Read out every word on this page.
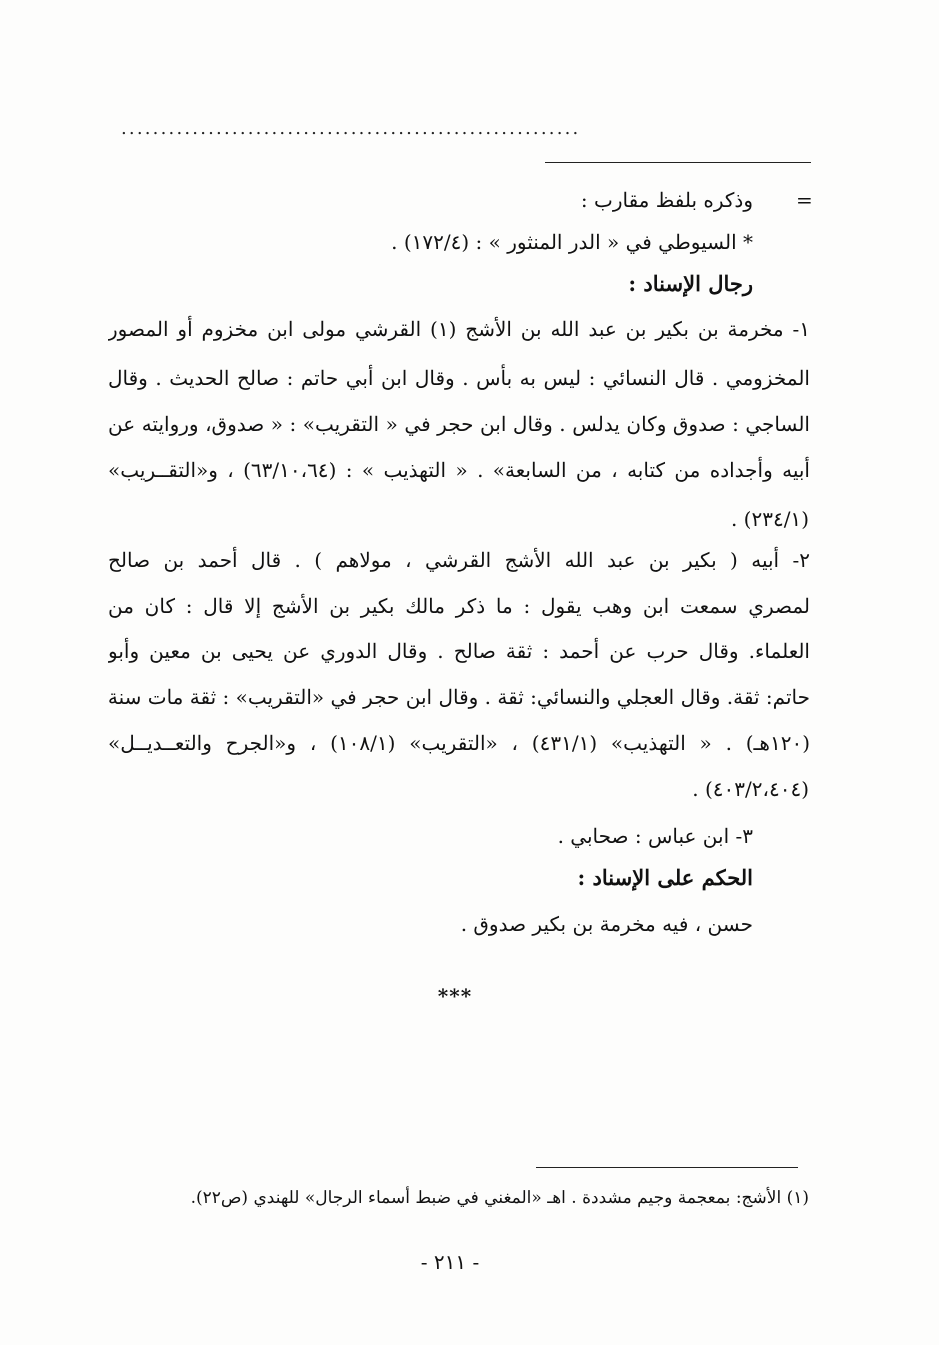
..........................................................
=
وذكره بلفظ مقارب :
* السيوطي في « الدر المنثور » : (١٧٢/٤) .
رجال الإسناد :
١- مخرمة بن بكير بن عبد الله بن الأشج (١) القرشي مولى ابن مخزوم أو المصور
المخزومي . قال النسائي : ليس به بأس . وقال ابن أبي حاتم : صالح الحديث . وقال
الساجي : صدوق وكان يدلس . وقال ابن حجر في « التقريب» : « صدوق، وروايته عن
أبيه وأجداده من كتابه ، من السابعة» . « التهذيب » : (٦٣/١٠،٦٤) ، و«التقــريب»
(٢٣٤/١) .
٢- أبيه ( بكير بن عبد الله الأشج القرشي ، مولاهم ) . قال أحمد بن صالح
لمصري سمعت ابن وهب يقول : ما ذكر مالك بكير بن الأشج إلا قال : كان من
العلماء. وقال حرب عن أحمد : ثقة صالح . وقال الدوري عن يحيى بن معين وأبو
حاتم: ثقة. وقال العجلي والنسائي: ثقة . وقال ابن حجر في «التقريب» : ثقة مات سنة
(١٢٠هـ) . « التهذيب» (٤٣١/١) ، «التقريب» (١٠٨/١) ، و«الجرح والتعــديــل»
(٤٠٣/٢،٤٠٤) .
٣- ابن عباس : صحابي .
الحكم على الإسناد :
حسن ، فيه مخرمة بن بكير صدوق .
***
(١) الأشج: بمعجمة وجيم مشددة . اهـ «المغني في ضبط أسماء الرجال» للهندي (ص٢٢).
- ٢١١ -
